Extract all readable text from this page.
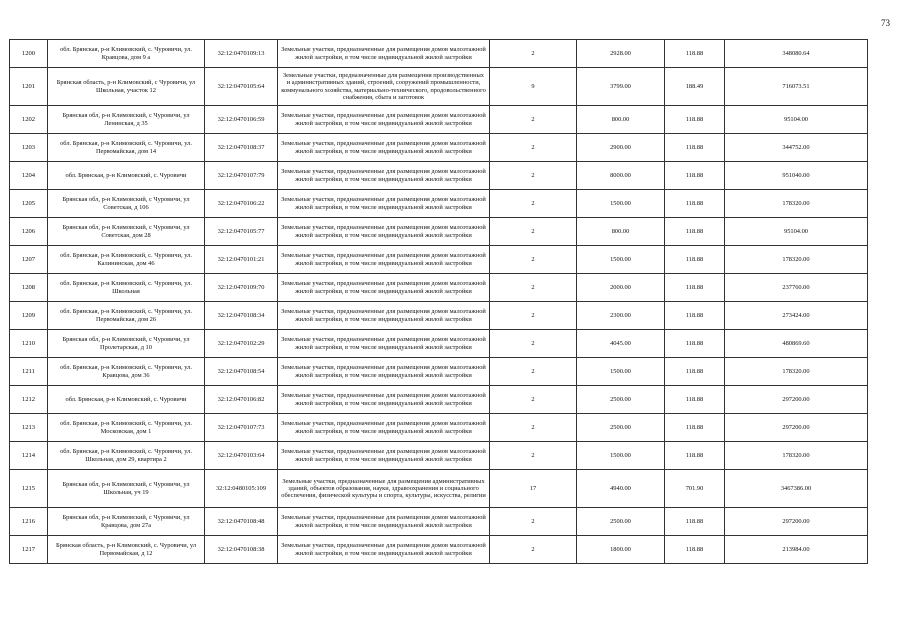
73
1200	обл. Брянская, р-н Климовский, с. Чуровичи, ул. Кравцова, дом 9 а	32:12:0470109:13	Земельные участки, предназначенные для размещения домов малоэтажной жилой застройки, в том числе индивидуальной жилой застройки	2	2928.00	118.88	348080.64
1201	Брянская область, р-н Климовский, с Чуровичи, ул Школьная, участок 12	32:12:0470105:64	Земельные участки, предназначенные для размещения производственных и административных зданий, строений, сооружений промышленности, коммунального хозяйства, материально-технического, продовольственного снабжения, сбыта и заготовок	9	3799.00	188.49	716073.51
1202	Брянская обл, р-н Климовский, с Чуровичи, ул Ленинская, д 35	32:12:0470106:59	Земельные участки, предназначенные для размещения домов малоэтажной жилой застройки, в том числе индивидуальной жилой застройки	2	800.00	118.88	95104.00
1203	обл. Брянская, р-н Климовский, с. Чуровичи, ул. Первомайская, дом 14	32:12:0470108:37	Земельные участки, предназначенные для размещения домов малоэтажной жилой застройки, в том числе индивидуальной жилой застройки	2	2900.00	118.88	344752.00
1204	обл. Брянская, р-н Климовский, с. Чуровичи	32:12:0470107:79	Земельные участки, предназначенные для размещения домов малоэтажной жилой застройки, в том числе индивидуальной жилой застройки	2	8000.00	118.88	951040.00
1205	Брянская обл, р-н Климовский, с Чуровичи, ул Советская, д 106	32:12:0470106:22	Земельные участки, предназначенные для размещения домов малоэтажной жилой застройки, в том числе индивидуальной жилой застройки	2	1500.00	118.88	178320.00
1206	Брянская обл, р-н Климовский, с Чуровичи, ул Советская, дом 28	32:12:0470105:77	Земельные участки, предназначенные для размещения домов малоэтажной жилой застройки, в том числе индивидуальной жилой застройки	2	800.00	118.88	95104.00
1207	обл. Брянская, р-н Климовский, с. Чуровичи, ул. Калининская, дом 46	32:12:0470101:21	Земельные участки, предназначенные для размещения домов малоэтажной жилой застройки, в том числе индивидуальной жилой застройки	2	1500.00	118.88	178320.00
1208	обл. Брянская, р-н Климовский, с. Чуровичи, ул. Школьная	32:12:0470109:70	Земельные участки, предназначенные для размещения домов малоэтажной жилой застройки, в том числе индивидуальной жилой застройки	2	2000.00	118.88	237760.00
1209	обл. Брянская, р-н Климовский, с. Чуровичи, ул. Первомайская, дом 26	32:12:0470108:34	Земельные участки, предназначенные для размещения домов малоэтажной жилой застройки, в том числе индивидуальной жилой застройки	2	2300.00	118.88	273424.00
1210	Брянская обл, р-н Климовский, с Чуровичи, ул Пролетарская, д 10	32:12:0470102:29	Земельные участки, предназначенные для размещения домов малоэтажной жилой застройки, в том числе индивидуальной жилой застройки	2	4045.00	118.88	480869.60
1211	обл. Брянская, р-н Климовский, с. Чуровичи, ул. Кравцова, дом 36	32:12:0470108:54	Земельные участки, предназначенные для размещения домов малоэтажной жилой застройки, в том числе индивидуальной жилой застройки	2	1500.00	118.88	178320.00
1212	обл. Брянская, р-н Климовский, с. Чуровичи	32:12:0470106:82	Земельные участки, предназначенные для размещения домов малоэтажной жилой застройки, в том числе индивидуальной жилой застройки	2	2500.00	118.88	297200.00
1213	обл. Брянская, р-н Климовский, с. Чуровичи, ул. Московская, дом 1	32:12:0470107:73	Земельные участки, предназначенные для размещения домов малоэтажной жилой застройки, в том числе индивидуальной жилой застройки	2	2500.00	118.88	297200.00
1214	обл. Брянская, р-н Климовский, с. Чуровичи, ул. Школьная, дом 29, квартира 2	32:12:0470103:64	Земельные участки, предназначенные для размещения домов малоэтажной жилой застройки, в том числе индивидуальной жилой застройки	2	1500.00	118.88	178320.00
1215	Брянская обл, р-н Климовский, с Чуровичи, ул Школьная, уч 19	32:12:0480105:109	Земельные участки, предназначенные для размещения административных зданий, объектов образования, науки, здравоохранения и социального обеспечения, физической культуры и спорта, культуры, искусства, религии	17	4940.00	701.90	3467386.00
1216	Брянская обл, р-н Климовский, с Чуровичи, ул Кравцова, дом 27а	32:12:0470108:48	Земельные участки, предназначенные для размещения домов малоэтажной жилой застройки, в том числе индивидуальной жилой застройки	2	2500.00	118.88	297200.00
1217	Брянская область, р-н Климовский, с. Чуровичи, ул Первомайская, д 12	32:12:0470108:38	Земельные участки, предназначенные для размещения домов малоэтажной жилой застройки, в том числе индивидуальной жилой застройки	2	1800.00	118.88	213984.00
